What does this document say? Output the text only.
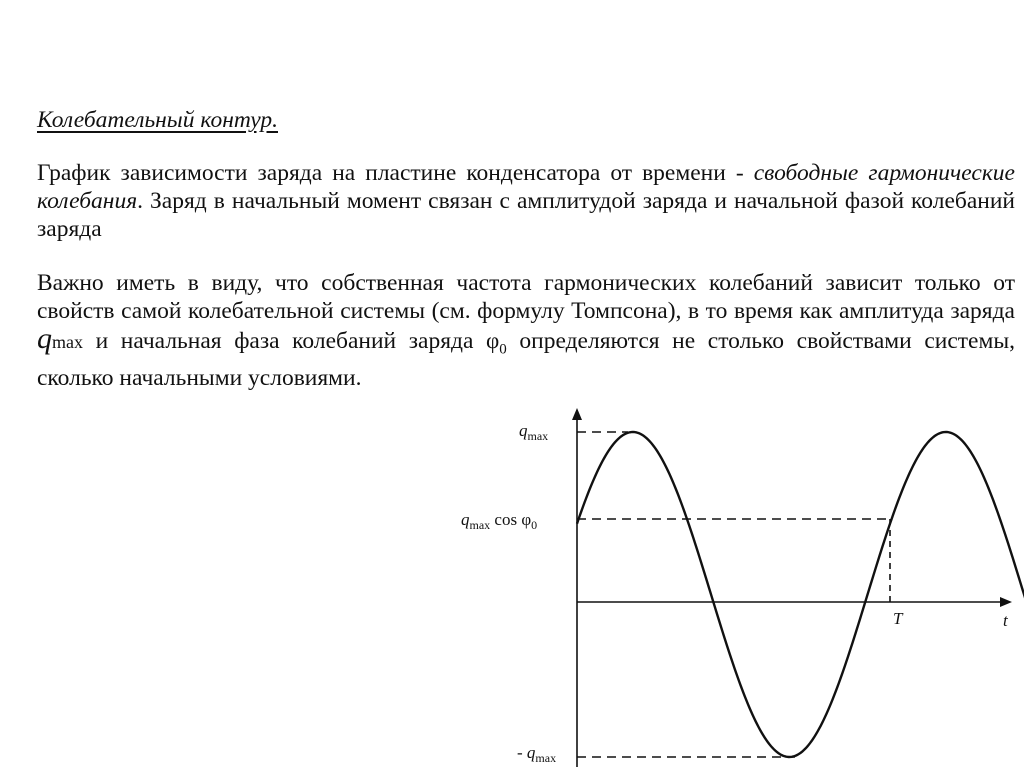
Колебательный контур.
График зависимости заряда на пластине конденсатора от времени - свободные гармонические колебания. Заряд в начальный момент связан с амплитудой заряда и начальной фазой колебаний заряда
Важно иметь в виду, что собственная частота гармонических колебаний зависит только от свойств самой колебательной системы (см. формулу Томпсона), в то время как амплитуда заряда qmax и начальная фаза колебаний заряда $\varphi_0$ определяются не столько свойствами системы, сколько начальными условиями.
$q_{max}$
$q_{max}$ $\cos \varphi_0$
- $q_{max}$
T	t
